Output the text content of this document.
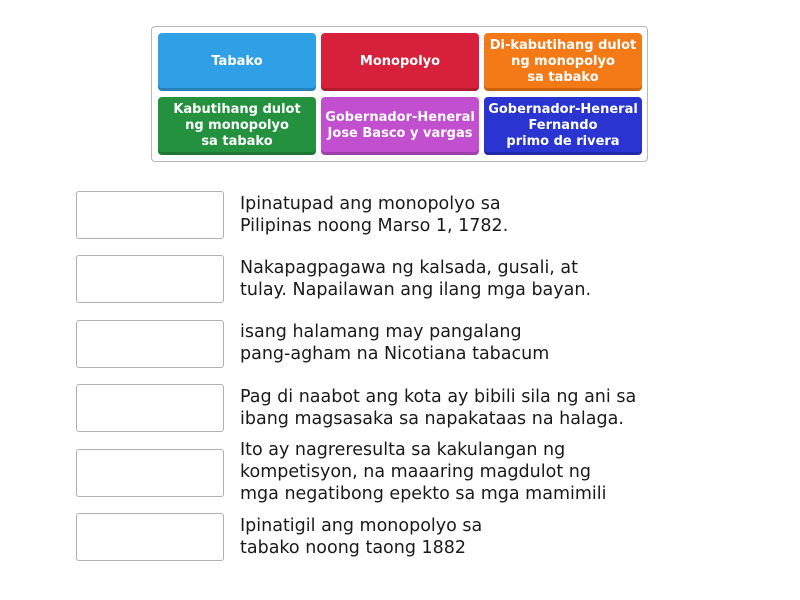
Tabako	Monopolyo
Di-kabutihang dulot
ng monopolyo
sa tabako
Kabutihang dulot
ng monopolyo
sa tabako
Gobernador-Heneral
Jose Basco y vargas
Gobernador-Heneral
Fernando
primo de rivera
Ipinatupad ang monopolyo sa
Pilipinas noong Marso 1, 1782.
Nakapagpagawa ng kalsada, gusali, at
tulay. Napailawan ang ilang mga bayan.
isang halamang may pangalang
pang-agham na Nicotiana tabacum
Pag di naabot ang kota ay bibili sila ng ani sa
ibang magsasaka sa napakataas na halaga.
Ito ay nagreresulta sa kakulangan ng
kompetisyon, na maaaring magdulot ng
mga negatibong epekto sa mga mamimili
Ipinatigil ang monopolyo sa
tabako noong taong 1882
